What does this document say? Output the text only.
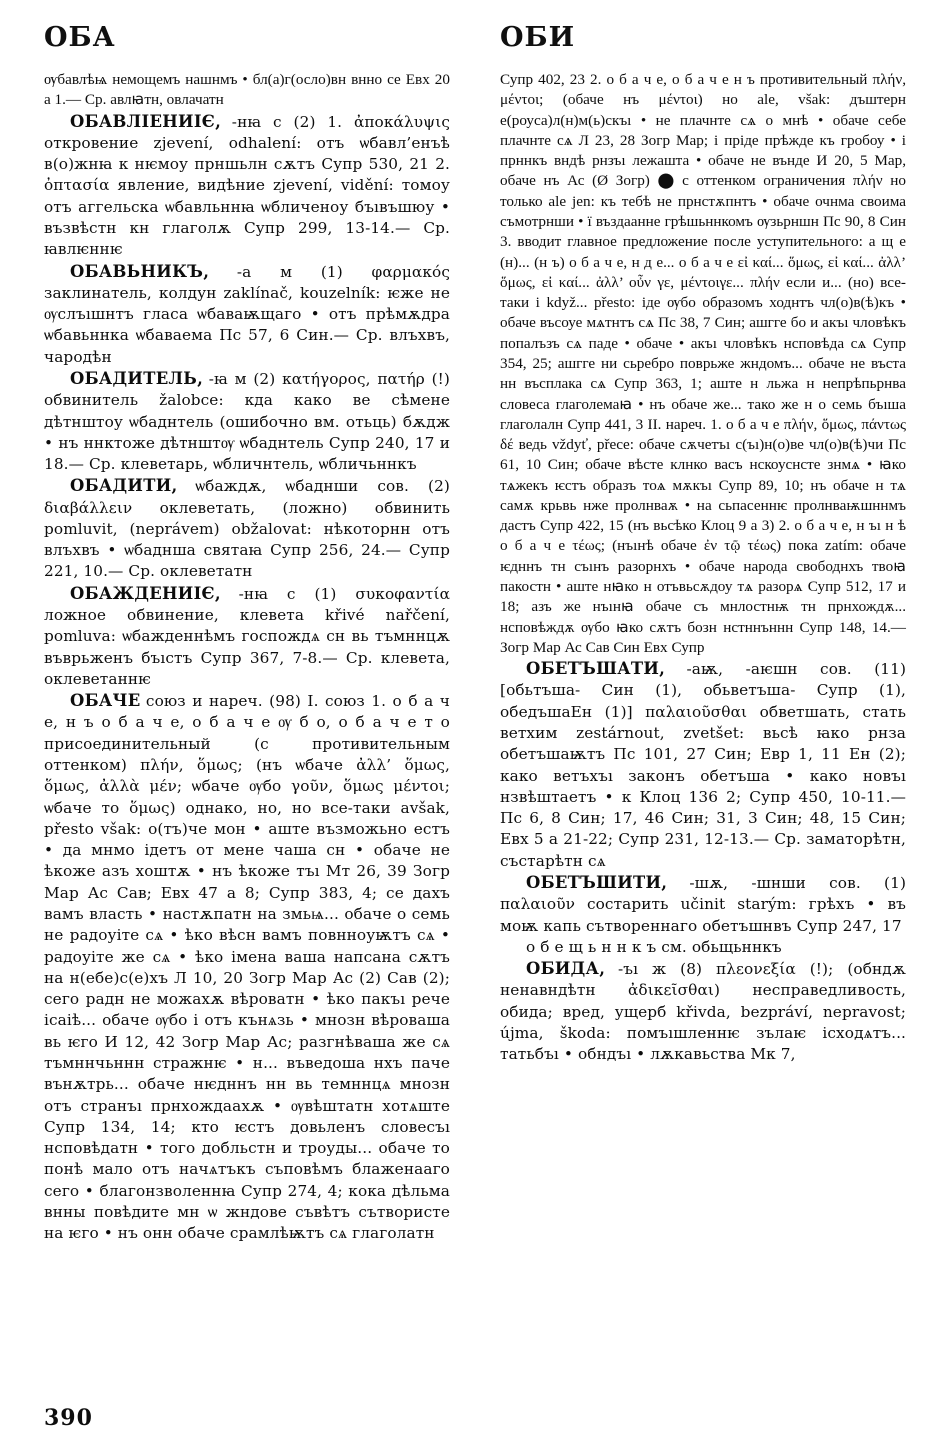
ОБА	ОБИ

ѹбавлѣѩ немощемъ нашнмъ • бл(а)г(осло)вн внно се Евх 20 а 1.— Ср. авлꙗтн, овлачатн

ОБАВЛІЕНИІЄ, -нꙗ с (2) 1. ἀποκάλυψις откровение zjevení, odhalení: отъ ѡбавл’енъѣ в(о)жнꙗ к нѥмоу прншьлн сѫтъ Супр 530, 21 2. ὀπτασία явление, видѣние zjevení, vidění: томоу отъ аггельска ѡбавльннꙗ ѡбличеноу бъıвъшюу • възвѣстн кн глаголѫ Супр 299, 13-14.— Ср. ꙗвлѥннѥ

ОБАВЬНИКЪ, -а м (1) φαρμακός заклинатель, колдун zaklínač, kouzelník: ѥже не ѹслъıшнтъ гласа ѡбаваѭщаго • отъ прѣмѫдра ѡбавьннка ѡбаваема Пс 57, 6 Син.— Ср. влъхвъ, чародѣн

ОБАДИТЕЛЬ, -ꙗ м (2) κατήγορος, πατήρ (!) обвинитель žalobce: кда како ве сѣмене дѣтнштоу ѡбаднтель (ошибочно вм. отьць) бѫдж • нъ ннктоже дѣтнштѹ ѡбаднтель Супр 240, 17 и 18.— Ср. клеветарь, ѡбличнтель, ѡбличьннкъ

ОБАДИТИ, ѡбаждѫ, ѡбаднши сов. (2) διαβάλλειν оклеветать, (ложно) обвинить pomluvit, (neprávem) obžalovat: нѣкоторнн отъ влъхвъ • ѡбаднша святаꙗ Супр 256, 24.— Супр 221, 10.— Ср. оклеветатн

ОБАЖДЕНИІЄ, -нꙗ с (1) συκοφαντία ложное обвинение, клевета křivé nařčení, pomluva: ѡбажденнѣмъ госпождѧ сн вь тъмннцѫ въврьженъ бъıстъ Супр 367, 7-8.— Ср. клевета, оклеветаннѥ

ОБАЧЕ союз и нареч. (98) I. союз 1. о б а ч е, н ъ о б а ч е, о б а ч е ѹ б о, о б а ч е т о присоединительный (с противительным оттенком) πλήν, ὅμως; (нъ ѡбаче ἀλλ’ ὅμως, ὅμως, ἀλλὰ μέν; ѡбаче ѹбо γοῦν, ὅμως μέντοι; ѡбаче то ὅμως) однако, но, но все-таки avšak, přesto však: о(тъ)че мон • аште възможьно естъ • да мнмо ідетъ от мене чаша сн • обаче не ѣкоже азъ хоштѫ • нъ ѣкоже тъı Мт 26, 39 Зогр Мар Ас Сав; Евх 47 а 8; Супр 383, 4; се дахъ вамъ власть • настѫпатн на змьѩ... обаче о семь не радоуіте сѧ • ѣко вѣсн вамъ повнноуѭтъ сѧ • радоуіте же сѧ • ѣко імена ваша напсана сѫтъ на н(ебе)с(е)хъ Л 10, 20 Зогр Мар Ас (2) Сав (2); сего радн не можахѫ вѣроватн • ѣко пакъı рече ісаіѣ... обаче ѹбо і отъ кънѧзь • мнозн вѣроваша вь ѥго И 12, 42 Зогр Мар Ас; разгнѣваша же сѧ тъмннчьннн стражнѥ • н... въведоша нхъ паче вънѫтрь... обаче нѥдннъ нн вь темннцѧ мнозн отъ странъı прнхождаахѫ • ѹвѣштатн хотѧште Супр 134, 14; кто ѥстъ довьленъ словесъı нсповѣдатн • того добльстн и троуды... обаче то понѣ мало отъ начѧтъкъ съповѣмъ блаженааго сего • благонзволеннꙗ Супр 274, 4; кока дѣльма внны повѣдите мн ѡ жндове съвѣтъ сътвористе на ѥго • нъ онн обаче срамлѣѭтъ сѧ глаголатн

Супр 402, 23 2. о б а ч е, о б а ч е н ъ противительный πλήν, μέντοι; (обаче нъ μέντοι) но ale, však: дъштерн е(роуса)л(н)м(ь)скъı • не плачнте сѧ о мнѣ • обаче себе плачнте сѧ Л 23, 28 Зогр Мар; і пріде прѣжде къ гробоу • і прннкъ вндѣ рнзъı лежашта • обаче не вънде И 20, 5 Мар, обаче нъ Ас (Ø Зогр) ⬤ с оттенком ограничения πλήν но только ale jen: къ тебѣ не прнстѫпнтъ • обаче очнма своима съмотрнши • ї въздаанне грѣшьннкомъ ѹзьрншн Пс 90, 8 Син 3. вводит главное предложение после уступительного: а щ е (н)... (н ъ) о б а ч е, н д е... о б а ч е εἰ καί... ὅμως, εἰ καί... ἀλλ’ ὅμως, εἰ καί... ἀλλ’ οὖν γε, μέντοιγε... πλήν если и... (но) все-таки і když... přesto: іде ѹбо образомъ ходнтъ чл(о)в(ѣ)къ • обаче въсоуе мѧтнтъ сѧ Пс 38, 7 Син; ашгге бо и акъı чловѣкъ попалъзъ сѧ паде • обаче • акъı чловѣкъ нсповѣда сѧ Супр 354, 25; ашгге ни сьребро поврьже жндомъ... обаче не въста нн въсплака сѧ Супр 363, 1; аште н льжа н непрѣпьрнва словеса глаголемаꙗ • нъ обаче же... тако же н о семь бъıша глаголалн Супр 441, 3 II. нареч. 1. о б а ч е πλήν, ὅμως, πάντως δέ ведь vždyť, přece: обаче сѫчетъı с(ъı)н(о)ве чл(о)в(ѣ)чи Пс 61, 10 Син; обаче вѣсте клнко васъ нскоуснсте знмѧ • ꙗко тѧжекъ ѥстъ образъ тоѧ мѫкъı Супр 89, 10; нъ обаче н тѧ самѫ крьвь нже пролнваѫ • на сьпасеннѥ пролнваѭшннмъ дастъ Супр 422, 15 (нъ вьсѣко Клоц 9 а 3) 2. о б а ч е, н ъı н ѣ о б а ч е τέως; (нъıнѣ обаче ἐν τῷ τέως) пока zatím: обаче ѥдннъ тн съıнъ разорнхъ • обаче народа свободнхъ твоꙗ пакостн • аште нꙗко н отъвьсѫдоу тѧ разорѧ Супр 512, 17 и 18; азъ же нъıнꙗ обаче съ мнлостнѭ тн прнхождѫ... нсповѣждѫ ѹбо ꙗко сѫтъ бозн нстннъннн Супр 148, 14.— Зогр Мар Ас Сав Син Евх Супр

ОБЕТЪШАТИ, -аѭ, -аѥшн сов. (11) [обьтъша- Син (1), обьветъша- Супр (1), обедъшаЕн (1)] παλαιοῦσθαι обветшать, стать ветхим zestárnout, zvetšet: вьсѣ ꙗко рнза обетъшаѭтъ Пс 101, 27 Син; Евр 1, 11 Ен (2); како ветъхъı законъ обетъша • како новъı нзвѣштаетъ • к Клоц 136 2; Супр 450, 10-11.— Пс 6, 8 Син; 17, 46 Син; 31, 3 Син; 48, 15 Син; Евх 5 а 21-22; Супр 231, 12-13.— Ср. заматорѣтн, състарѣтн сѧ

ОБЕТЪШИТИ, -шѫ, -шнши сов. (1) παλαιοῦν состарить učinit starým: грѣхъ • въ моѭ капь сътвореннаго обетъшнвъ Супр 247, 17

о б е щ ь н н к ъ см. обьщьннкъ

ОБИДА, -ъı ж (8) πλεονεξία (!); (обндѫ ненавндѣтн ἀδικεῖσθαι) несправедливость, обида; вред, ущерб křivda, bezpráví, nepravost; újma, škoda: помъıшленнѥ зълаѥ ісходѧтъ... татьбъı • обндъı • лѫкавьства Мк 7,

390
